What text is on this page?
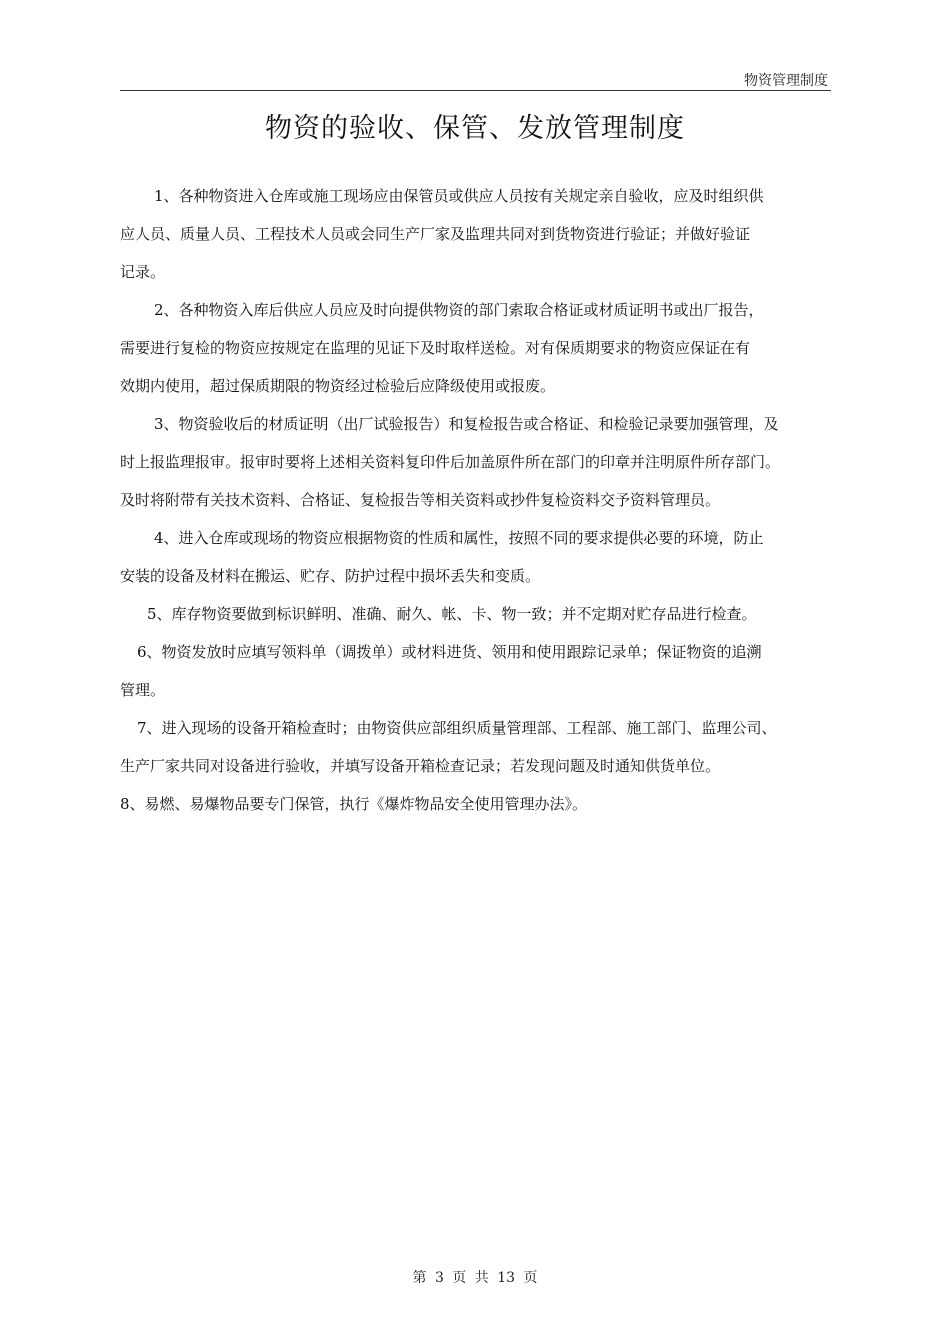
物资管理制度
物资的验收、保管、发放管理制度
1、各种物资进入仓库或施工现场应由保管员或供应人员按有关规定亲自验收，应及时组织供
应人员、质量人员、工程技术人员或会同生产厂家及监理共同对到货物资进行验证；并做好验证
记录。
2、各种物资入库后供应人员应及时向提供物资的部门索取合格证或材质证明书或出厂报告，
需要进行复检的物资应按规定在监理的见证下及时取样送检。对有保质期要求的物资应保证在有
效期内使用，超过保质期限的物资经过检验后应降级使用或报废。
3、物资验收后的材质证明（出厂试验报告）和复检报告或合格证、和检验记录要加强管理，及
时上报监理报审。报审时要将上述相关资料复印件后加盖原件所在部门的印章并注明原件所存部门。
及时将附带有关技术资料、合格证、复检报告等相关资料或抄件复检资料交予资料管理员。
4、进入仓库或现场的物资应根据物资的性质和属性，按照不同的要求提供必要的环境，防止
安装的设备及材料在搬运、贮存、防护过程中损坏丢失和变质。
5、库存物资要做到标识鲜明、准确、耐久、帐、卡、物一致；并不定期对贮存品进行检查。
6、物资发放时应填写领料单（调拨单）或材料进货、领用和使用跟踪记录单；保证物资的追溯
管理。
7、进入现场的设备开箱检查时；由物资供应部组织质量管理部、工程部、施工部门、监理公司、
生产厂家共同对设备进行验收，并填写设备开箱检查记录；若发现问题及时通知供货单位。
8、易燃、易爆物品要专门保管，执行《爆炸物品安全使用管理办法》。
第 3 页 共 13 页
